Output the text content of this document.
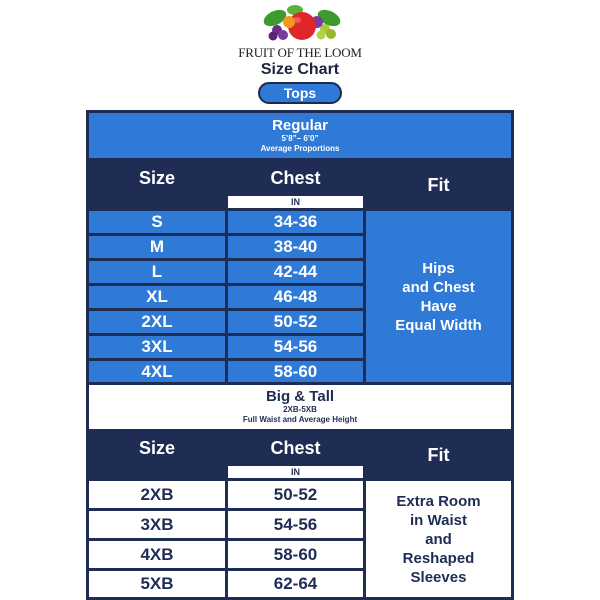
FRUIT OF THE LOOM
Size Chart
Tops
Regular
5’8”– 6’0”
Average Proportions
Size	Chest
IN
Fit
S	34-36
M	38-40
L	42-44
XL	46-48
2XL	50-52
3XL	54-56
4XL	58-60
Hips
and Chest
Have
Equal Width
Big & Tall
2XB-5XB
Full Waist and Average Height
Size	Chest
IN
Fit
2XB	50-52
3XB	54-56
4XB	58-60
5XB	62-64
Extra Room
in Waist
and
Reshaped
Sleeves
